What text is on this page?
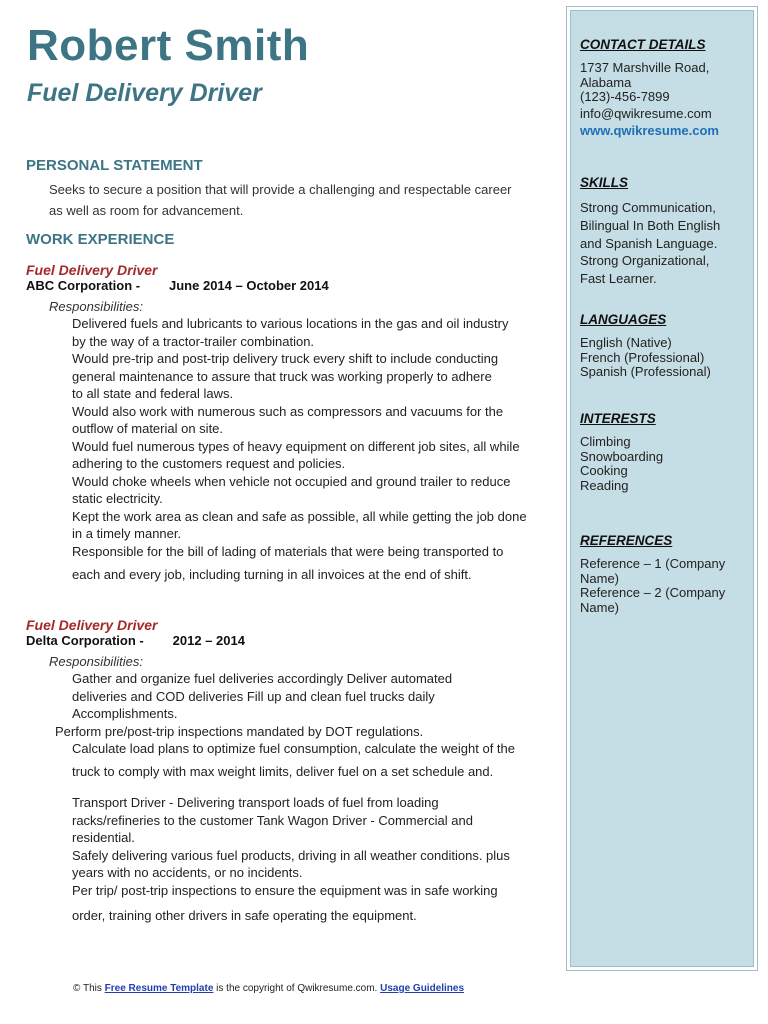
Robert Smith
Fuel Delivery Driver
PERSONAL STATEMENT
Seeks to secure a position that will provide a challenging and respectable career
as well as room for advancement.
WORK EXPERIENCE

Fuel Delivery Driver

ABC Corporation - June 2014 – October 2014

Responsibilities:

Delivered fuels and lubricants to various locations in the gas and oil industry

by the way of a tractor-trailer combination.

Would pre-trip and post-trip delivery truck every shift to include conducting

general maintenance to assure that truck was working properly to adhere

to all state and federal laws.

Would also work with numerous such as compressors and vacuums for the

outflow of material on site.

Would fuel numerous types of heavy equipment on different job sites, all while

adhering to the customers request and policies.

Would choke wheels when vehicle not occupied and ground trailer to reduce

static electricity.

Kept the work area as clean and safe as possible, all while getting the job done

in a timely manner.

Responsible for the bill of lading of materials that were being transported to

each and every job, including turning in all invoices at the end of shift.

Fuel Delivery Driver

Delta Corporation - 2012 – 2014

Responsibilities:

Gather and organize fuel deliveries accordingly Deliver automated

deliveries and COD deliveries Fill up and clean fuel trucks daily

Accomplishments.

Perform pre/post-trip inspections mandated by DOT regulations.

Calculate load plans to optimize fuel consumption, calculate the weight of the

truck to comply with max weight limits, deliver fuel on a set schedule and.

Transport Driver - Delivering transport loads of fuel from loading

racks/refineries to the customer Tank Wagon Driver - Commercial and

residential.

Safely delivering various fuel products, driving in all weather conditions. plus

years with no accidents, or no incidents.

Per trip/ post-trip inspections to ensure the equipment was in safe working

order, training other drivers in safe operating the equipment.

CONTACT DETAILS

1737 Marshville Road,

Alabama

(123)-456-7899

info@qwikresume.com

www.qwikresume.com

SKILLS

Strong Communication,

Bilingual In Both English

and Spanish Language.

Strong Organizational,

Fast Learner.

LANGUAGES

English (Native)

French (Professional)

Spanish (Professional)

INTERESTS

Climbing

Snowboarding

Cooking

Reading

REFERENCES

Reference – 1 (Company

Name)

Reference – 2 (Company

Name)

© This Free Resume Template is the copyright of Qwikresume.com. Usage Guidelines
